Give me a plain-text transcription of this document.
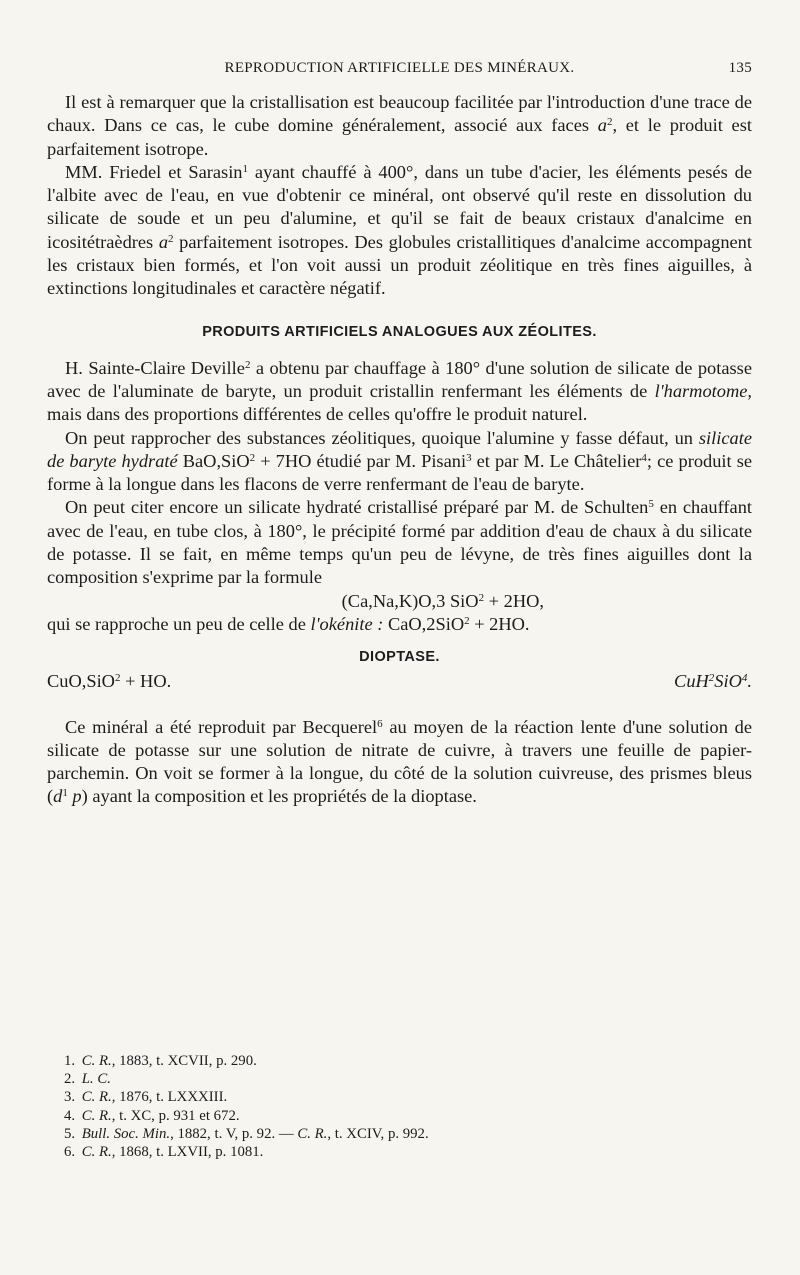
REPRODUCTION ARTIFICIELLE DES MINÉRAUX.	135

Il est à remarquer que la cristallisation est beaucoup facilitée par l'introduction d'une trace de chaux. Dans ce cas, le cube domine généralement, associé aux faces $a^2$, et le produit est parfaitement isotrope.

MM. Friedel et Sarasin$^1$ ayant chauffé à 400°, dans un tube d'acier, les éléments pesés de l'albite avec de l'eau, en vue d'obtenir ce minéral, ont observé qu'il reste en dissolution du silicate de soude et un peu d'alumine, et qu'il se fait de beaux cristaux d'analcime en icositétraèdres $a^2$ parfaitement isotropes. Des globules cristallitiques d'analcime accompagnent les cristaux bien formés, et l'on voit aussi un produit zéolitique en très fines aiguilles, à extinctions longitudinales et caractère négatif.

PRODUITS ARTIFICIELS ANALOGUES AUX ZÉOLITES.

H. Sainte-Claire Deville$^2$ a obtenu par chauffage à 180° d'une solution de silicate de potasse avec de l'aluminate de baryte, un produit cristallin renfermant les éléments de l'harmotome, mais dans des proportions différentes de celles qu'offre le produit naturel.

On peut rapprocher des substances zéolitiques, quoique l'alumine y fasse défaut, un silicate de baryte hydraté BaO,SiO$^2$ + 7HO étudié par M. Pisani$^3$ et par M. Le Châtelier$^4$; ce produit se forme à la longue dans les flacons de verre renfermant de l'eau de baryte.

On peut citer encore un silicate hydraté cristallisé préparé par M. de Schulten$^5$ en chauffant avec de l'eau, en tube clos, à 180°, le précipité formé par addition d'eau de chaux à du silicate de potasse. Il se fait, en même temps qu'un peu de lévyne, de très fines aiguilles dont la composition s'exprime par la formule

(Ca,Na,K)O,3 SiO$^2$ + 2HO,

qui se rapproche un peu de celle de l'okénite : CaO,2SiO$^2$ + 2HO.

DIOPTASE.
CuO,SiO$^2$ + HO.	CuH$^2$SiO$^4$.

Ce minéral a été reproduit par Becquerel$^6$ au moyen de la réaction lente d'une solution de silicate de potasse sur une solution de nitrate de cuivre, à travers une feuille de papier-parchemin. On voit se former à la longue, du côté de la solution cuivreuse, des prismes bleus ($d^1$ p) ayant la composition et les propriétés de la dioptase.

1. C. R., 1883, t. XCVII, p. 290.
2. L. C.
3. C. R., 1876, t. LXXXIII.
4. C. R., t. XC, p. 931 et 672.
5. Bull. Soc. Min., 1882, t. V, p. 92. — C. R., t. XCIV, p. 992.
6. C. R., 1868, t. LXVII, p. 1081.
